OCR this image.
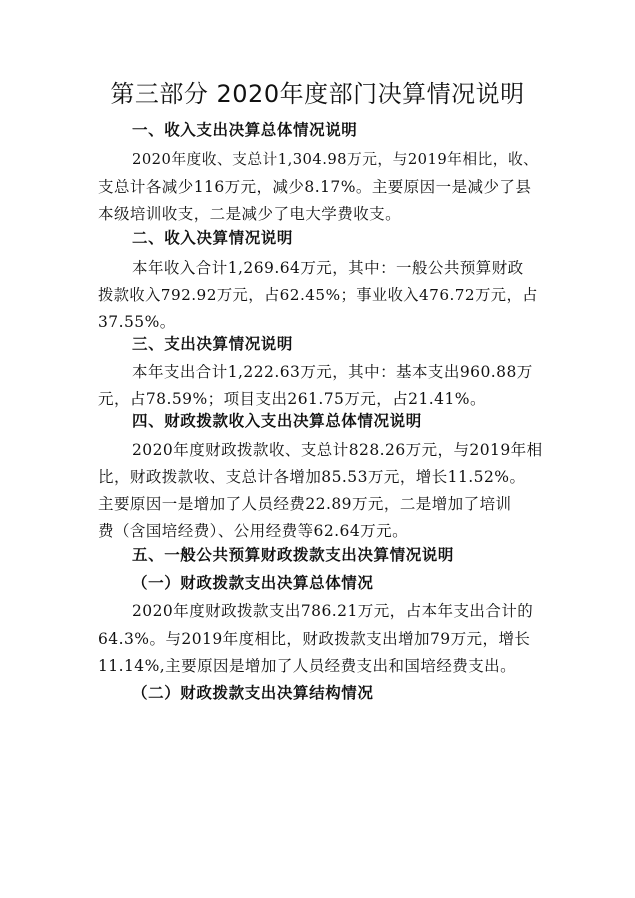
第三部分 2020年度部门决算情况说明
一、收入支出决算总体情况说明
2020年度收、支总计1,304.98万元，与2019年相比，收、
支总计各减少116万元，减少8.17%。主要原因一是减少了县
本级培训收支，二是减少了电大学费收支。
二、收入决算情况说明
本年收入合计1,269.64万元，其中：一般公共预算财政
拨款收入792.92万元，占62.45%；事业收入476.72万元，占
37.55%。
三、支出决算情况说明
本年支出合计1,222.63万元，其中：基本支出960.88万
元，占78.59%；项目支出261.75万元，占21.41%。
四、财政拨款收入支出决算总体情况说明
2020年度财政拨款收、支总计828.26万元，与2019年相
比，财政拨款收、支总计各增加85.53万元，增长11.52%。
主要原因一是增加了人员经费22.89万元，二是增加了培训
费（含国培经费）、公用经费等62.64万元。
五、一般公共预算财政拨款支出决算情况说明
（一）财政拨款支出决算总体情况
2020年度财政拨款支出786.21万元，占本年支出合计的
64.3%。与2019年度相比，财政拨款支出增加79万元，增长
11.14%,主要原因是增加了人员经费支出和国培经费支出。
（二）财政拨款支出决算结构情况
